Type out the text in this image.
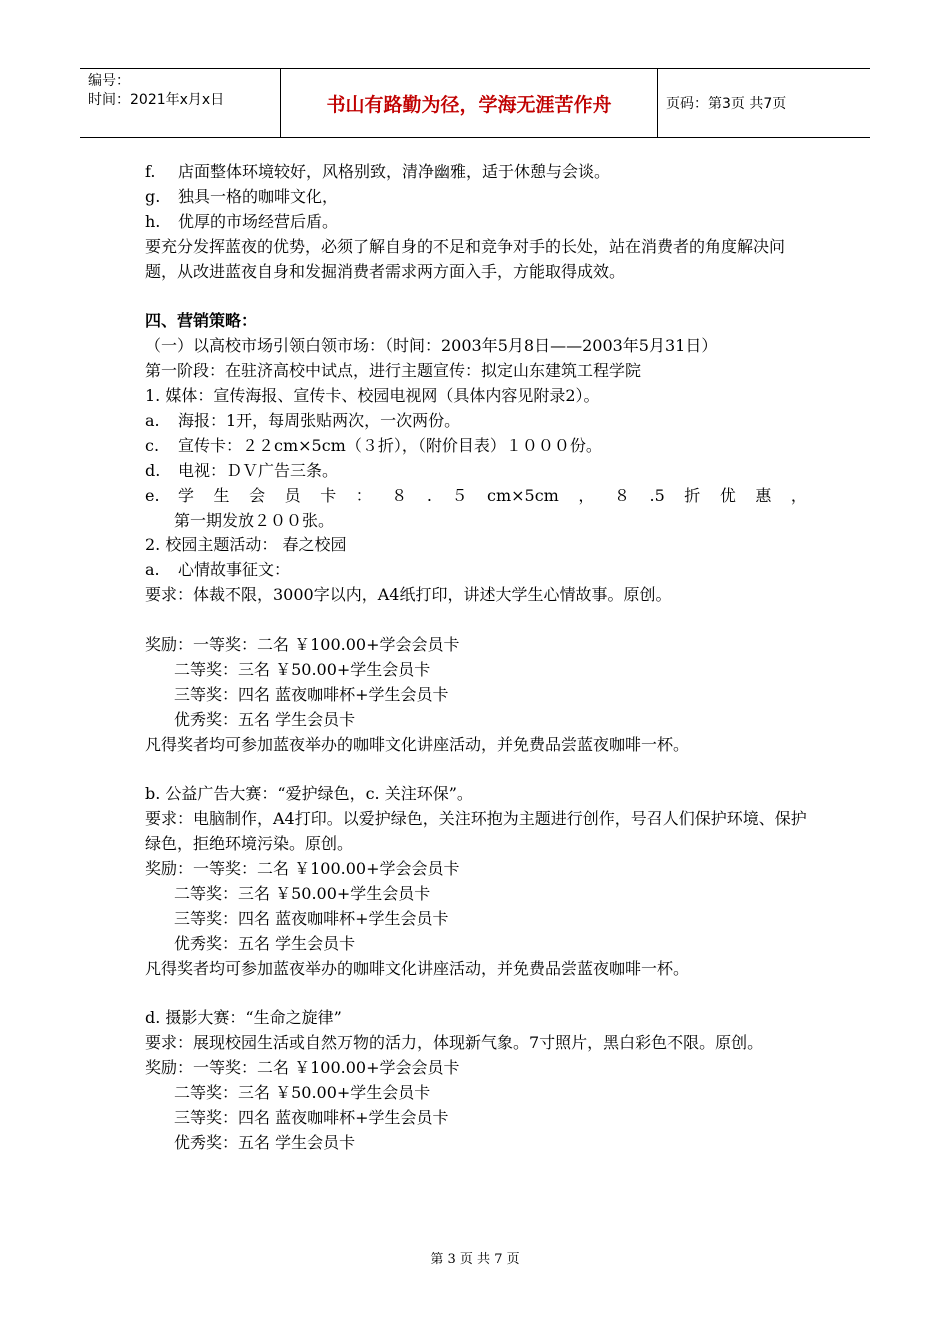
编号：
时间：2021年x月x日	书山有路勤为径，学海无涯苦作舟	页码：第3页 共7页
f. 店面整体环境较好，风格别致，清净幽雅，适于休憩与会谈。
g. 独具一格的咖啡文化，
h. 优厚的市场经营后盾。
要充分发挥蓝夜的优势，必须了解自身的不足和竞争对手的长处，站在消费者的角度解决问题，从改进蓝夜自身和发掘消费者需求两方面入手，方能取得成效。
四、营销策略：
（一）以高校市场引领白领市场：（时间：2003年5月8日——2003年5月31日）
第一阶段：在驻济高校中试点，进行主题宣传：拟定山东建筑工程学院
1. 媒体：宣传海报、宣传卡、校园电视网（具体内容见附录2）。
a. 海报：1开，每周张贴两次，一次两份。
c. 宣传卡：２２cm×5cm（３折），（附价目表）１０００份。
d. 电视：ＤＶ广告三条。
e.	学 生 会 员 卡 ： ８ . ５ cm×5cm ， ８ .5 折 优 惠 ，
第一期发放２００张。
2. 校园主题活动： 春之校园
a. 心情故事征文：
要求：体裁不限，3000字以内，A4纸打印，讲述大学生心情故事。原创。
奖励：一等奖：二名 ￥100.00+学会会员卡
二等奖：三名 ￥50.00+学生会员卡
三等奖：四名 蓝夜咖啡杯+学生会员卡
优秀奖：五名 学生会员卡
凡得奖者均可参加蓝夜举办的咖啡文化讲座活动，并免费品尝蓝夜咖啡一杯。
b. 公益广告大赛：“爱护绿色，c. 关注环保”。
要求：电脑制作，A4打印。以爱护绿色，关注环抱为主题进行创作，号召人们保护环境、保护绿色，拒绝环境污染。原创。
奖励：一等奖：二名 ￥100.00+学会会员卡
二等奖：三名 ￥50.00+学生会员卡
三等奖：四名 蓝夜咖啡杯+学生会员卡
优秀奖：五名 学生会员卡
凡得奖者均可参加蓝夜举办的咖啡文化讲座活动，并免费品尝蓝夜咖啡一杯。
d. 摄影大赛：“生命之旋律”
要求：展现校园生活或自然万物的活力，体现新气象。7寸照片，黑白彩色不限。原创。
奖励：一等奖：二名 ￥100.00+学会会员卡
二等奖：三名 ￥50.00+学生会员卡
三等奖：四名 蓝夜咖啡杯+学生会员卡
优秀奖：五名 学生会员卡
第 3 页 共 7 页
